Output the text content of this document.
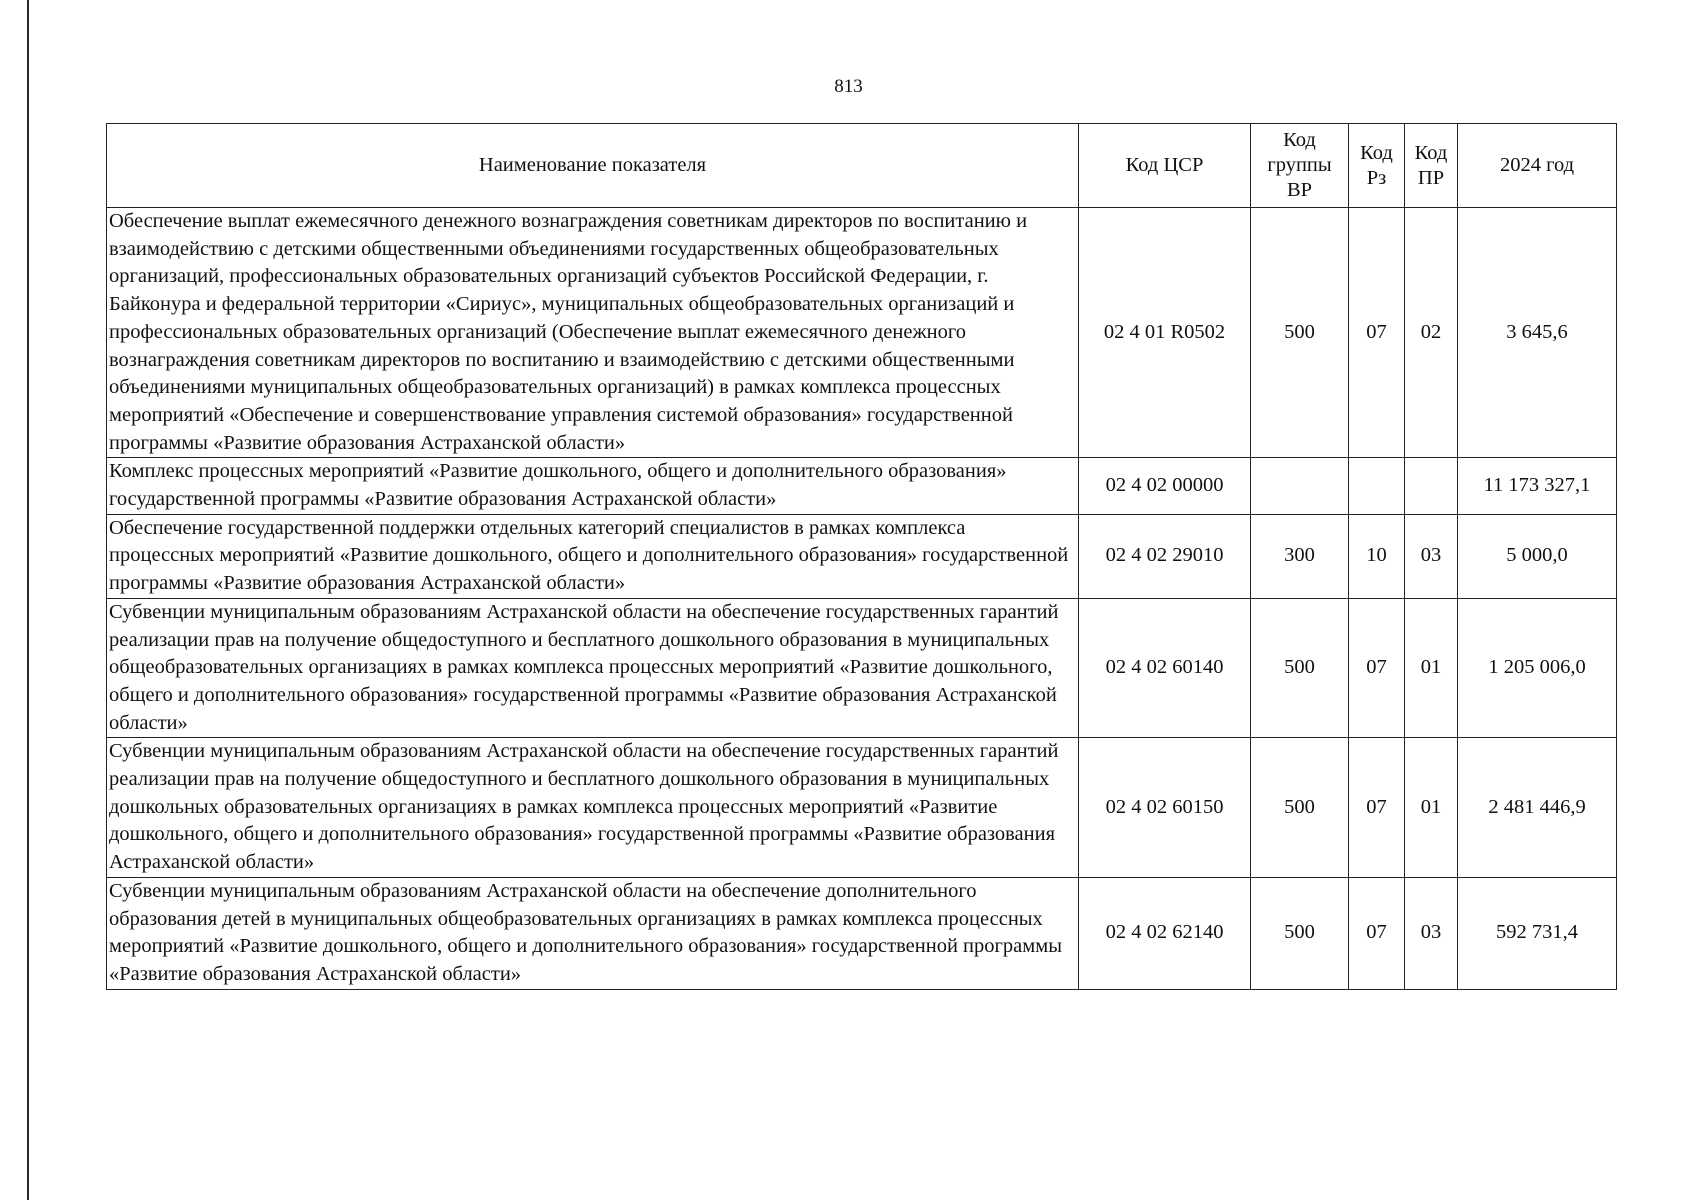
813
Наименование показателя	Код ЦСР	Код группы ВР	Код Рз	Код ПР	2024 год
Обеспечение выплат ежемесячного денежного вознаграждения советникам директоров по воспитанию и взаимодействию с детскими общественными объединениями государственных общеобразовательных организаций, профессиональных образовательных организаций субъектов Российской Федерации, г. Байконура и федеральной территории «Сириус», муниципальных общеобразовательных организаций и профессиональных образовательных организаций (Обеспечение выплат ежемесячного денежного вознаграждения советникам директоров по воспитанию и взаимодействию с детскими общественными объединениями муниципальных общеобразовательных организаций) в рамках комплекса процессных мероприятий «Обеспечение и совершенствование управления системой образования» государственной программы «Развитие образования Астраханской области»	02 4 01 R0502	500	07	02	3 645,6
Комплекс процессных мероприятий «Развитие дошкольного, общего и дополнительного образования» государственной программы «Развитие образования Астраханской области»	02 4 02 00000				11 173 327,1
Обеспечение государственной поддержки отдельных категорий специалистов в рамках комплекса процессных мероприятий «Развитие дошкольного, общего и дополнительного образования» государственной программы «Развитие образования Астраханской области»	02 4 02 29010	300	10	03	5 000,0
Субвенции муниципальным образованиям Астраханской области на обеспечение государственных гарантий реализации прав на получение общедоступного и бесплатного дошкольного образования в муниципальных общеобразовательных организациях в рамках комплекса процессных мероприятий «Развитие дошкольного, общего и дополнительного образования» государственной программы «Развитие образования Астраханской области»	02 4 02 60140	500	07	01	1 205 006,0
Субвенции муниципальным образованиям Астраханской области на обеспечение государственных гарантий реализации прав на получение общедоступного и бесплатного дошкольного образования в муниципальных дошкольных образовательных организациях в рамках комплекса процессных мероприятий «Развитие дошкольного, общего и дополнительного образования» государственной программы «Развитие образования Астраханской области»	02 4 02 60150	500	07	01	2 481 446,9
Субвенции муниципальным образованиям Астраханской области на обеспечение дополнительного образования детей в муниципальных общеобразовательных организациях в рамках комплекса процессных мероприятий «Развитие дошкольного, общего и дополнительного образования» государственной программы «Развитие образования Астраханской области»	02 4 02 62140	500	07	03	592 731,4
